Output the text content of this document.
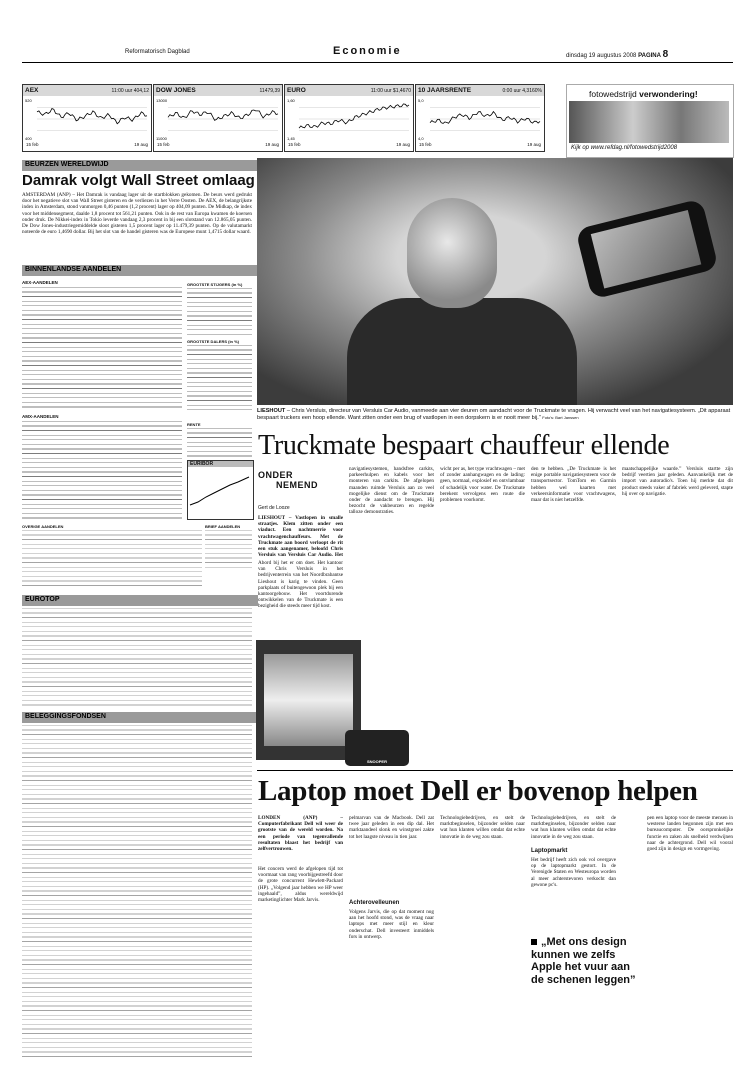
Reformatorisch Dagblad	Economie	dinsdag 19 augustus 2008 PAGINA 8
AEX	11:00 uur 404,12
520
400
15 feb	19 aug
DOW JONES	11479,39
13000
11000
15 feb	19 aug
EURO	11:00 uur $1,4670
1,60
1,45
15 feb	19 aug
10 JAARSRENTE	0:00 uur 4,3160%
5,0
4,0
15 feb	19 aug
fotowedstrijd verwondering!
Kijk op www.refdag.nl/fotowedstrijd2008
BEURZEN WERELDWIJD
Damrak volgt Wall Street omlaag
AMSTERDAM (ANP) – Het Damrak is vandaag lager uit de startblokken gekomen. De beurs werd gedrukt door het negatieve slot van Wall Street gisteren en de verliezen in het Verre Oosten. De AEX, de belangrijkste index in Amsterdam, stond vanmorgen 0,46 punten (1,2 procent) lager op 404,09 punten. De Midkap, de index voor het middensegment, daalde 1,8 procent tot 561,21 punten. Ook in de rest van Europa kwamen de koersen onder druk. De Nikkei-index in Tokio leverde vandaag 2,3 procent in bij een slotstand van 12.865,05 punten. De Dow Jones-industriegemiddelde sloot gisteren 1,5 procent lager op 11.479,39 punten. Op de valutamarkt noteerde de euro 1,4690 dollar. Bij het slot van de handel gisteren was de Europese munt 1,4715 dollar waard.
BINNENLANDSE AANDELEN
AEX-AANDELEN
AMX-AANDELEN
GROOTSTE STIJGERS (in %)
GROOTSTE DALERS (in %)
RENTE
EURIBOR
OVERIGE AANDELEN	BRIEF AANDELEN
EUROTOP
BELEGGINGSFONDSEN
LIESHOUT – Chris Versluis, directeur van Versluis Car Audio, vanmeede aan vier deuren om aandacht voor de Truckmate te vragen. Hij verwacht veel van het navigatiesysteem. „Dit apparaat bespaart truckers een hoop ellende. Want zitten onder een brug of vastlopen in een dorpskern is er nooit meer bij.” Foto's: Bart Janssen
Truckmate bespaart chauffeur ellende
ONDER
NEMEND
Gert de Looze
LIESHOUT – Vastlopen in smalle straatjes. Klem zitten onder een viaduct. Een nachtmerrie voor vrachtwagenchauffeurs. Met de Truckmate aan boord verloopt de rit een stuk aangenamer, beloofd Chris Versluis van Versluis Car Audio. Het
Abord bij het er om doet. Het kantoor van Chris Versluis in het bedrijventerrein van het Noordbrabantse Lieshout is karig te vinden. Geen parkplaats of buitengewoon plek bij een kantoorgebouw. Het voortdurende ontwikkelen van de Truckmate is een bezigheid die steeds meer tijd kost.
navigatiesystemen, handsfree carkits, parkeerhulpen en kabels voor het monteren van carkits. De afgelopen maanden ruimde Versluis aan zo veel mogelijke dienst om de Truckmate onder de aandacht te brengen. Hij bezocht de vakbeurzen en regelde talloze demonstraties.
wicht per as, het type vrachtwagen – met of zonder aanhangwagen en de lading: geen, normaal, explosief en ontvlambaar of schadelijk voor water. De Truckmate berekent vervolgens een route die problemen voorkomt.
den te hebben. „De Truckmate is het enige portable navigatiesysteem voor de transportsector. TomTom en Garmin hebben wel kaarten met verkeersinformatie voor vrachtwagens, maar dat is niet hetzelfde.
maatschappelijke waarde.” Versluis startte zijn bedrijf veertien jaar geleden. Aanvankelijk met de import van autoradio's. Toen hij merkte dat dit product steeds vaker af fabriek werd geleverd, stapte hij over op navigatie.
SNOOPER
Laptop moet Dell er bovenop helpen
LONDEN (ANP) – Computerfabrikant Dell wil weer de grootste van de wereld worden. Na een periode van tegenvallende resultaten blaast het bedrijf van zelfvertrouwen.
Het concern werd de afgelopen tijd tot voormaat van rang voorbijgestreefd door de grote concurrent Hewlett-Packard (HP). „Volgend jaar hebben we HP weer ingehaald”, aldus wereldwijd marketinglichter Mark Jarvis.
pelmarvan van de Macbook. Dell zat twee jaar geleden in een dip dal. Het marktaandeel slonk en winstgroei zakte tot het laagste niveau in tien jaar.
Achterovelleunen
Volgens Jarvis, die op dat moment nog aan het hoofd stond, was de vraag naar laptops met meer stijl en kleur onderschat. Dell investeert inmiddels fors in ontwerp.
Technologiebedrijven, en stelt de marktbeginselen, bijzonder selden naar wat hun klanten willen omdat dat echte innovatie in de weg zou staan.
Technologiebedrijven, en stelt de marktbeginselen, bijzonder selden naar wat hun klanten willen omdat dat echte innovatie in de weg zou staan.
Laptopmarkt
Het bedrijf heeft zich ook vol overgave op de laptopmarkt gestort. In de Verenigde Staten en Westeuropa worden al meer achterstevoren verkocht dan gewone pc's.
„Met ons design kunnen we zelfs Apple het vuur aan de schenen leggen”
pen een laptop voor de meeste mensen in westerse landen begonnen zijn met een bureaucomputer. De oorspronkelijke functie en zaken als snelheid verdwijnen naar de achtergrond. Dell wil vooral goed zijn in design en vormgeving.
